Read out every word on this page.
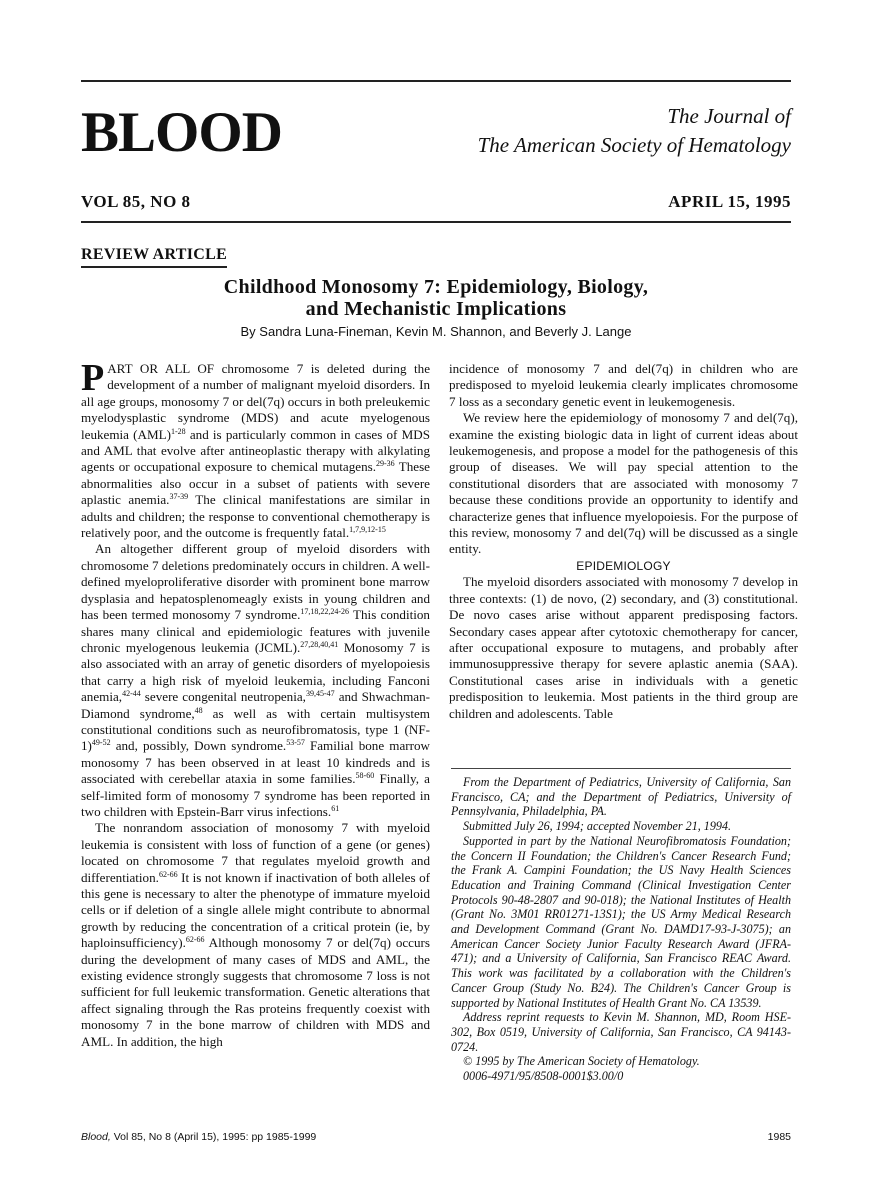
BLOOD	The Journal of
The American Society of Hematology
VOL 85, NO 8	APRIL 15, 1995
REVIEW ARTICLE
Childhood Monosomy 7: Epidemiology, Biology,
and Mechanistic Implications
By Sandra Luna-Fineman, Kevin M. Shannon, and Beverly J. Lange

PART OR ALL OF chromosome 7 is deleted during the development of a number of malignant myeloid disorders. In all age groups, monosomy 7 or del(7q) occurs in both preleukemic myelodysplastic syndrome (MDS) and acute myelogenous leukemia (AML)$^{1-28}$ and is particularly common in cases of MDS and AML that evolve after antineoplastic therapy with alkylating agents or occupational exposure to chemical mutagens.$^{29-36}$ These abnormalities also occur in a subset of patients with severe aplastic anemia.$^{37-39}$ The clinical manifestations are similar in adults and children; the response to conventional chemotherapy is relatively poor, and the outcome is frequently fatal.$^{1,7,9,12-15}$

An altogether different group of myeloid disorders with chromosome 7 deletions predominately occurs in children. A well-defined myeloproliferative disorder with prominent bone marrow dysplasia and hepatosplenomeagly exists in young children and has been termed monosomy 7 syndrome.$^{17,18,22,24-26}$ This condition shares many clinical and epidemiologic features with juvenile chronic myelogenous leukemia (JCML).$^{27,28,40,41}$ Monosomy 7 is also associated with an array of genetic disorders of myelopoiesis that carry a high risk of myeloid leukemia, including Fanconi anemia,$^{42-44}$ severe congenital neutropenia,$^{39,45-47}$ and Shwachman-Diamond syndrome,$^{48}$ as well as with certain multisystem constitutional conditions such as neurofibromatosis, type 1 $(NF-1)^{49-52}$ and, possibly, Down syndrome.$^{53-57}$ Familial bone marrow monosomy 7 has been observed in at least 10 kindreds and is associated with cerebellar ataxia in some families.$^{58-60}$ Finally, a self-limited form of monosomy 7 syndrome has been reported in two children with Epstein-Barr virus infections.$^{61}$

The nonrandom association of monosomy 7 with myeloid leukemia is consistent with loss of function of a gene (or genes) located on chromosome 7 that regulates myeloid growth and differentiation.$^{62-66}$ It is not known if inactivation of both alleles of this gene is necessary to alter the phenotype of immature myeloid cells or if deletion of a single allele might contribute to abnormal growth by reducing the concentration of a critical protein (ie, by haploinsufficiency).$^{62-66}$ Although monosomy 7 or del(7q) occurs during the development of many cases of MDS and AML, the existing evidence strongly suggests that chromosome 7 loss is not sufficient for full leukemic transformation. Genetic alterations that affect signaling through the Ras proteins frequently coexist with monosomy 7 in the bone marrow of children with MDS and AML. In addition, the high

incidence of monosomy 7 and del(7q) in children who are predisposed to myeloid leukemia clearly implicates chromosome 7 loss as a secondary genetic event in leukemogenesis.

We review here the epidemiology of monosomy 7 and del(7q), examine the existing biologic data in light of current ideas about leukemogenesis, and propose a model for the pathogenesis of this group of diseases. We will pay special attention to the constitutional disorders that are associated with monosomy 7 because these conditions provide an opportunity to identify and characterize genes that influence myelopoiesis. For the purpose of this review, monosomy 7 and del(7q) will be discussed as a single entity.

EPIDEMIOLOGY

The myeloid disorders associated with monosomy 7 develop in three contexts: (1) de novo, (2) secondary, and (3) constitutional. De novo cases arise without apparent predisposing factors. Secondary cases appear after cytotoxic chemotherapy for cancer, after occupational exposure to mutagens, and probably after immunosuppressive therapy for severe aplastic anemia (SAA). Constitutional cases arise in individuals with a genetic predisposition to leukemia. Most patients in the third group are children and adolescents. Table

From the Department of Pediatrics, University of California, San Francisco, CA; and the Department of Pediatrics, University of Pennsylvania, Philadelphia, PA.

Submitted July 26, 1994; accepted November 21, 1994.

Supported in part by the National Neurofibromatosis Foundation; the Concern II Foundation; the Children's Cancer Research Fund; the Frank A. Campini Foundation; the US Navy Health Sciences Education and Training Command (Clinical Investigation Center Protocols 90-48-2807 and 90-018); the National Institutes of Health (Grant No. 3M01 RR01271-13S1); the US Army Medical Research and Development Command (Grant No. DAMD17-93-J-3075); an American Cancer Society Junior Faculty Research Award (JFRA-471); and a University of California, San Francisco REAC Award. This work was facilitated by a collaboration with the Children's Cancer Group (Study No. B24). The Children's Cancer Group is supported by National Institutes of Health Grant No. CA 13539.

Address reprint requests to Kevin M. Shannon, MD, Room HSE-302, Box 0519, University of California, San Francisco, CA 94143-0724.

© 1995 by The American Society of Hematology.

0006-4971/95/8508-0001$3.00/0

Blood, Vol 85, No 8 (April 15), 1995: pp 1985-1999	1985
